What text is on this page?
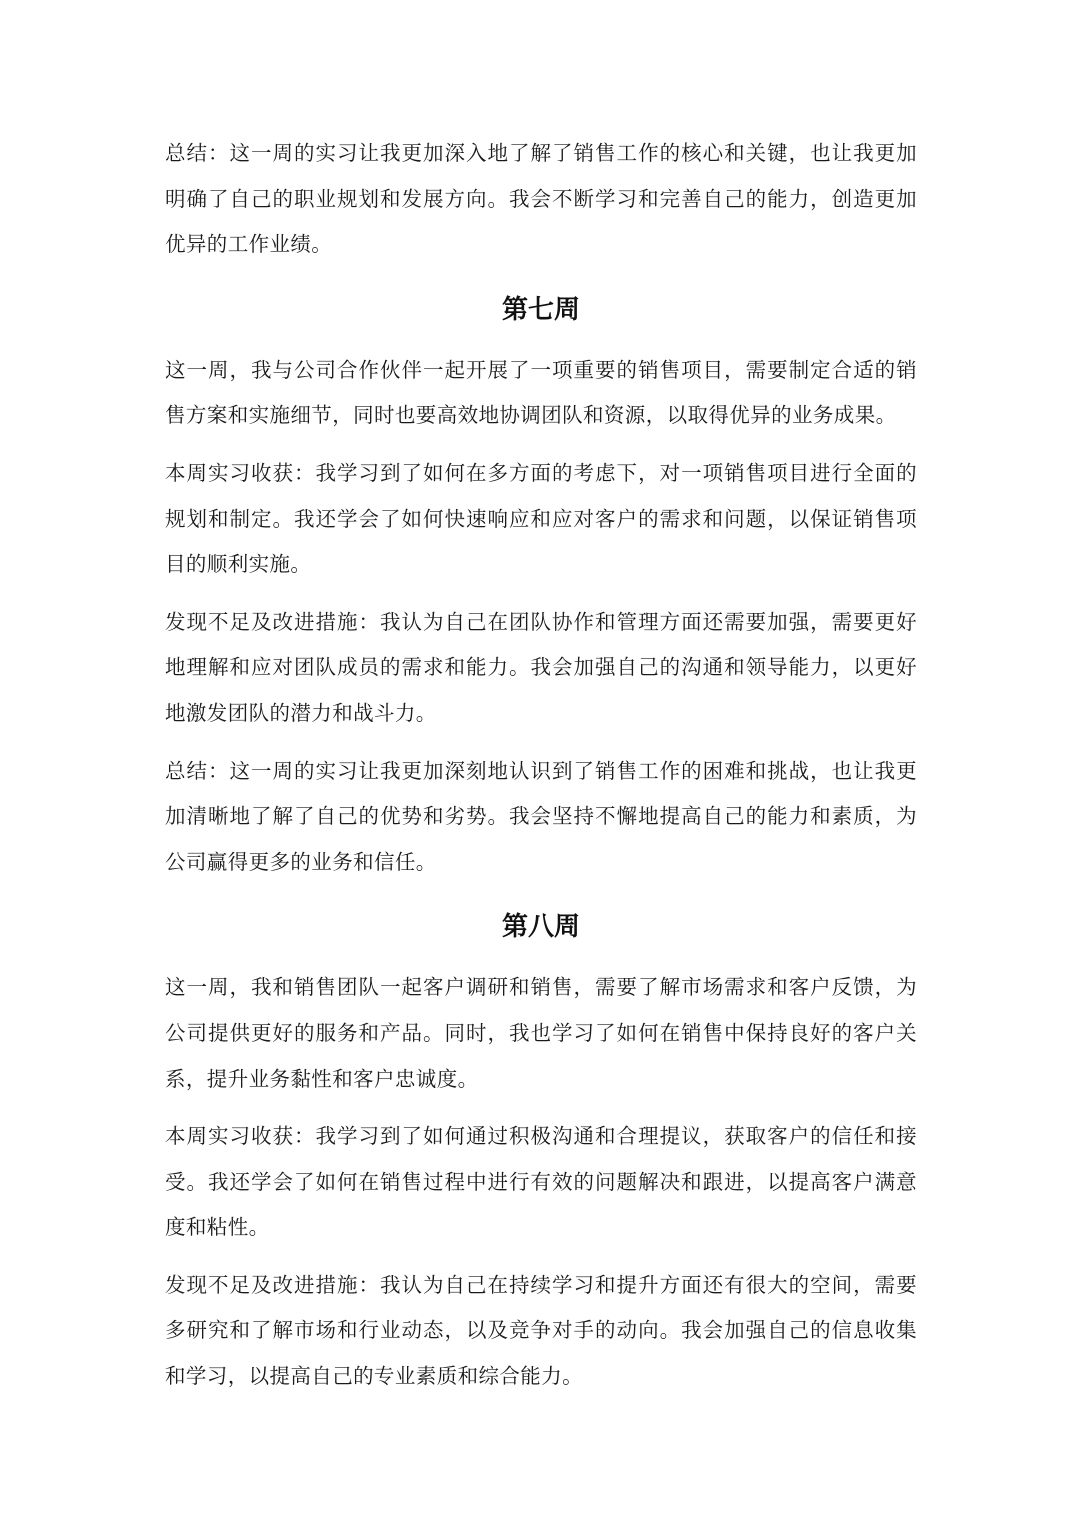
总结：这一周的实习让我更加深入地了解了销售工作的核心和关键，也让我更加明确了自己的职业规划和发展方向。我会不断学习和完善自己的能力，创造更加优异的工作业绩。

第七周

这一周，我与公司合作伙伴一起开展了一项重要的销售项目，需要制定合适的销售方案和实施细节，同时也要高效地协调团队和资源，以取得优异的业务成果。

本周实习收获：我学习到了如何在多方面的考虑下，对一项销售项目进行全面的规划和制定。我还学会了如何快速响应和应对客户的需求和问题，以保证销售项目的顺利实施。

发现不足及改进措施：我认为自己在团队协作和管理方面还需要加强，需要更好地理解和应对团队成员的需求和能力。我会加强自己的沟通和领导能力，以更好地激发团队的潜力和战斗力。

总结：这一周的实习让我更加深刻地认识到了销售工作的困难和挑战，也让我更加清晰地了解了自己的优势和劣势。我会坚持不懈地提高自己的能力和素质，为公司赢得更多的业务和信任。

第八周

这一周，我和销售团队一起客户调研和销售，需要了解市场需求和客户反馈，为公司提供更好的服务和产品。同时，我也学习了如何在销售中保持良好的客户关系，提升业务黏性和客户忠诚度。

本周实习收获：我学习到了如何通过积极沟通和合理提议，获取客户的信任和接受。我还学会了如何在销售过程中进行有效的问题解决和跟进，以提高客户满意度和粘性。

发现不足及改进措施：我认为自己在持续学习和提升方面还有很大的空间，需要多研究和了解市场和行业动态，以及竞争对手的动向。我会加强自己的信息收集和学习，以提高自己的专业素质和综合能力。
